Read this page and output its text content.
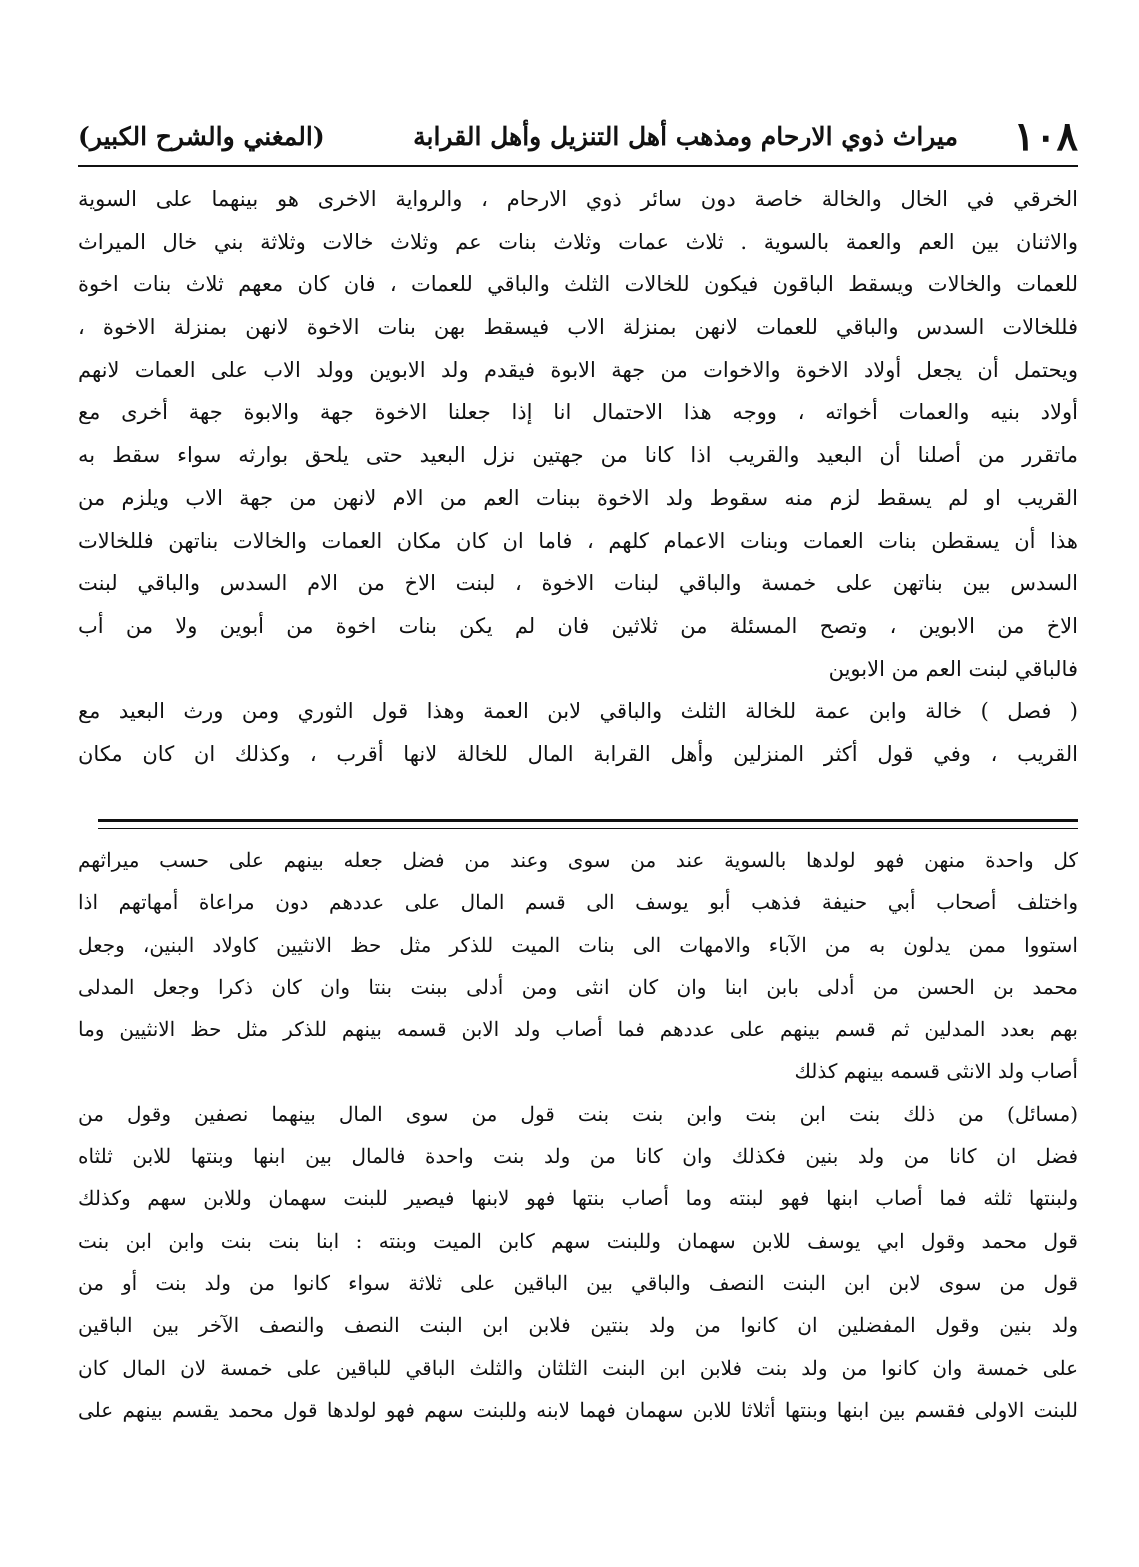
١٠٨
ميراث ذوي الارحام ومذهب أهل التنزيل وأهل القرابة
(المغني والشرح الكبير)
الخرقي في الخال والخالة خاصة دون سائر ذوي الارحام ، والرواية الاخرى هو بينهما على السوية
والاثنان بين العم والعمة بالسوية . ثلاث عمات وثلاث بنات عم وثلاث خالات وثلاثة بني خال الميراث
للعمات والخالات ويسقط الباقون فيكون للخالات الثلث والباقي للعمات ، فان كان معهم ثلاث بنات اخوة
فللخالات السدس والباقي للعمات لانهن بمنزلة الاب فيسقط بهن بنات الاخوة لانهن بمنزلة الاخوة ،
ويحتمل أن يجعل أولاد الاخوة والاخوات من جهة الابوة فيقدم ولد الابوين وولد الاب على العمات لانهم
أولاد بنيه والعمات أخواته ، ووجه هذا الاحتمال انا إذا جعلنا الاخوة جهة والابوة جهة أخرى مع
ماتقرر من أصلنا أن البعيد والقريب اذا كانا من جهتين نزل البعيد حتى يلحق بوارثه سواء سقط به
القريب او لم يسقط لزم منه سقوط ولد الاخوة ببنات العم من الام لانهن من جهة الاب ويلزم من
هذا أن يسقطن بنات العمات وبنات الاعمام كلهم ، فاما ان كان مكان العمات والخالات بناتهن فللخالات
السدس بين بناتهن على خمسة والباقي لبنات الاخوة ، لبنت الاخ من الام السدس والباقي لبنت
الاخ من الابوين ، وتصح المسئلة من ثلاثين فان لم يكن بنات اخوة من أبوين ولا من أب
فالباقي لبنت العم من الابوين
( فصل ) خالة وابن عمة للخالة الثلث والباقي لابن العمة وهذا قول الثوري ومن ورث البعيد مع
القريب ، وفي قول أكثر المنزلين وأهل القرابة المال للخالة لانها أقرب ، وكذلك ان كان مكان
كل واحدة منهن فهو لولدها بالسوية عند من سوى وعند من فضل جعله بينهم على حسب ميراثهم
واختلف أصحاب أبي حنيفة فذهب أبو يوسف الى قسم المال على عددهم دون مراعاة أمهاتهم اذا
استووا ممن يدلون به من الآباء والامهات الى بنات الميت للذكر مثل حظ الانثيين كاولاد البنين، وجعل
محمد بن الحسن من أدلى بابن ابنا وان كان انثى ومن أدلى ببنت بنتا وان كان ذكرا وجعل المدلى
بهم بعدد المدلين ثم قسم بينهم على عددهم فما أصاب ولد الابن قسمه بينهم للذكر مثل حظ الانثيين وما
أصاب ولد الانثى قسمه بينهم كذلك
(مسائل) من ذلك بنت ابن بنت وابن بنت بنت قول من سوى المال بينهما نصفين وقول من
فضل ان كانا من ولد بنين فكذلك وان كانا من ولد بنت واحدة فالمال بين ابنها وبنتها للابن ثلثاه
ولبنتها ثلثه فما أصاب ابنها فهو لبنته وما أصاب بنتها فهو لابنها فيصير للبنت سهمان وللابن سهم وكذلك
قول محمد وقول ابي يوسف للابن سهمان وللبنت سهم كابن الميت وبنته : ابنا بنت بنت وابن ابن بنت
قول من سوى لابن ابن البنت النصف والباقي بين الباقين على ثلاثة سواء كانوا من ولد بنت أو من
ولد بنين وقول المفضلين ان كانوا من ولد بنتين فلابن ابن البنت النصف والنصف الآخر بين الباقين
على خمسة وان كانوا من ولد بنت فلابن ابن البنت الثلثان والثلث الباقي للباقين على خمسة لان المال كان
للبنت الاولى فقسم بين ابنها وبنتها أثلاثا للابن سهمان فهما لابنه وللبنت سهم فهو لولدها قول محمد يقسم بينهم على
